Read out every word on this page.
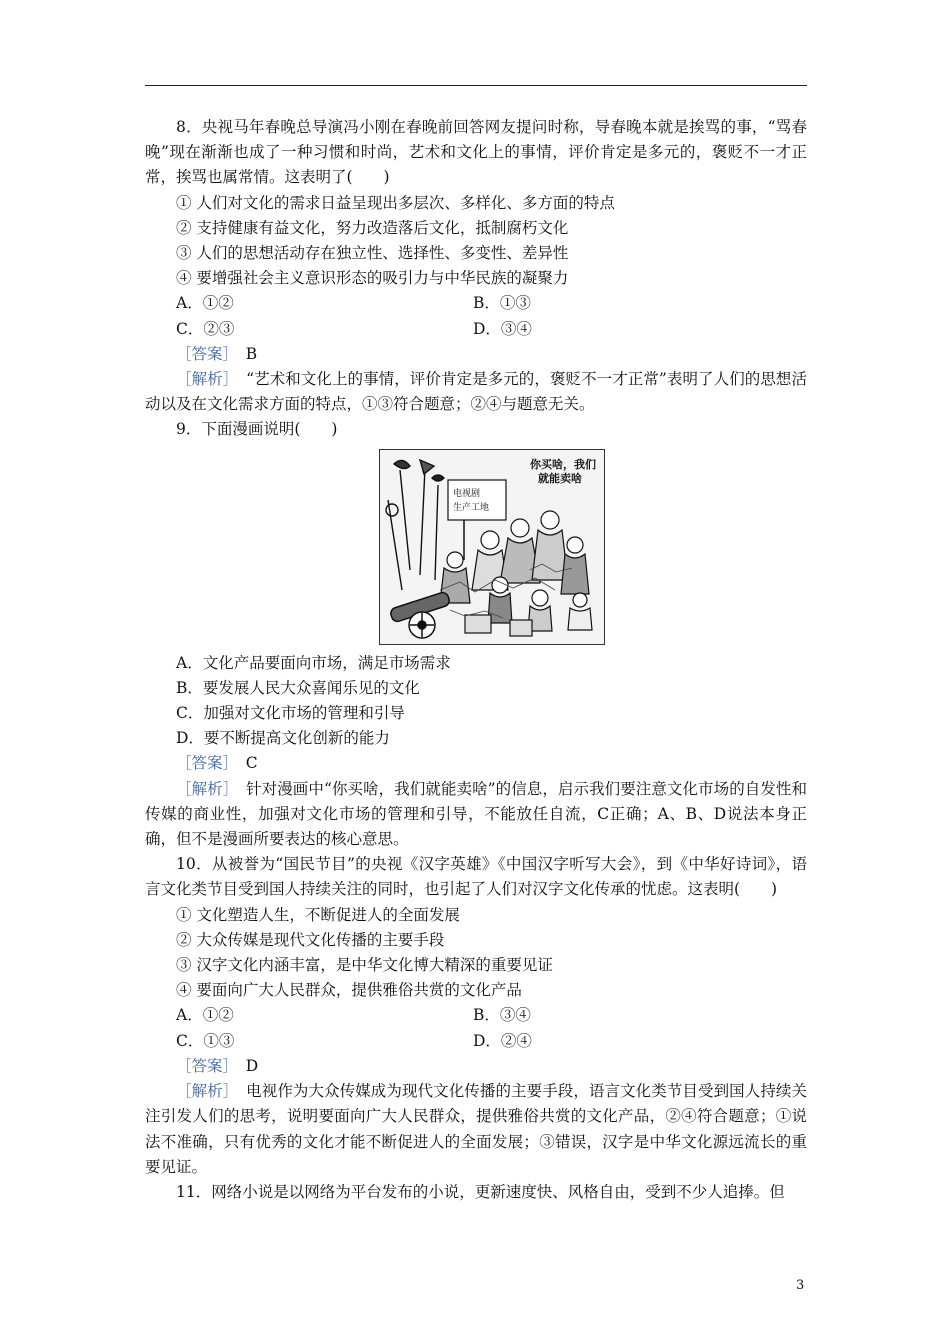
8．央视马年春晚总导演冯小刚在春晚前回答网友提问时称，导春晚本就是挨骂的事，“骂春晚”现在渐渐也成了一种习惯和时尚，艺术和文化上的事情，评价肯定是多元的，褒贬不一才正常，挨骂也属常情。这表明了(　　)

① 人们对文化的需求日益呈现出多层次、多样化、多方面的特点

② 支持健康有益文化，努力改造落后文化，抵制腐朽文化

③ 人们的思想活动存在独立性、选择性、多变性、差异性

④ 要增强社会主义意识形态的吸引力与中华民族的凝聚力

A．①②	B．①③
C．②③	D．③④

［答案］　B

［解析］　“艺术和文化上的事情，评价肯定是多元的，褒贬不一才正常”表明了人们的思想活动以及在文化需求方面的特点，①③符合题意；②④与题意无关。

9．下面漫画说明(　　)

你买啥，我们
就能卖啥
电视剧
生产工地

A．文化产品要面向市场，满足市场需求

B．要发展人民大众喜闻乐见的文化

C．加强对文化市场的管理和引导

D．要不断提高文化创新的能力

［答案］　C

［解析］　针对漫画中“你买啥，我们就能卖啥”的信息，启示我们要注意文化市场的自发性和传媒的商业性，加强对文化市场的管理和引导，不能放任自流，C正确；A、B、D说法本身正确，但不是漫画所要表达的核心意思。

10．从被誉为“国民节目”的央视《汉字英雄》《中国汉字听写大会》，到《中华好诗词》，语言文化类节目受到国人持续关注的同时，也引起了人们对汉字文化传承的忧虑。这表明(　　)

① 文化塑造人生，不断促进人的全面发展

② 大众传媒是现代文化传播的主要手段

③ 汉字文化内涵丰富，是中华文化博大精深的重要见证

④ 要面向广大人民群众，提供雅俗共赏的文化产品

A．①②	B．③④
C．①③	D．②④

［答案］　D

［解析］　电视作为大众传媒成为现代文化传播的主要手段，语言文化类节目受到国人持续关注引发人们的思考，说明要面向广大人民群众，提供雅俗共赏的文化产品，②④符合题意；①说法不准确，只有优秀的文化才能不断促进人的全面发展；③错误，汉字是中华文化源远流长的重要见证。

11．网络小说是以网络为平台发布的小说，更新速度快、风格自由，受到不少人追捧。但

3
